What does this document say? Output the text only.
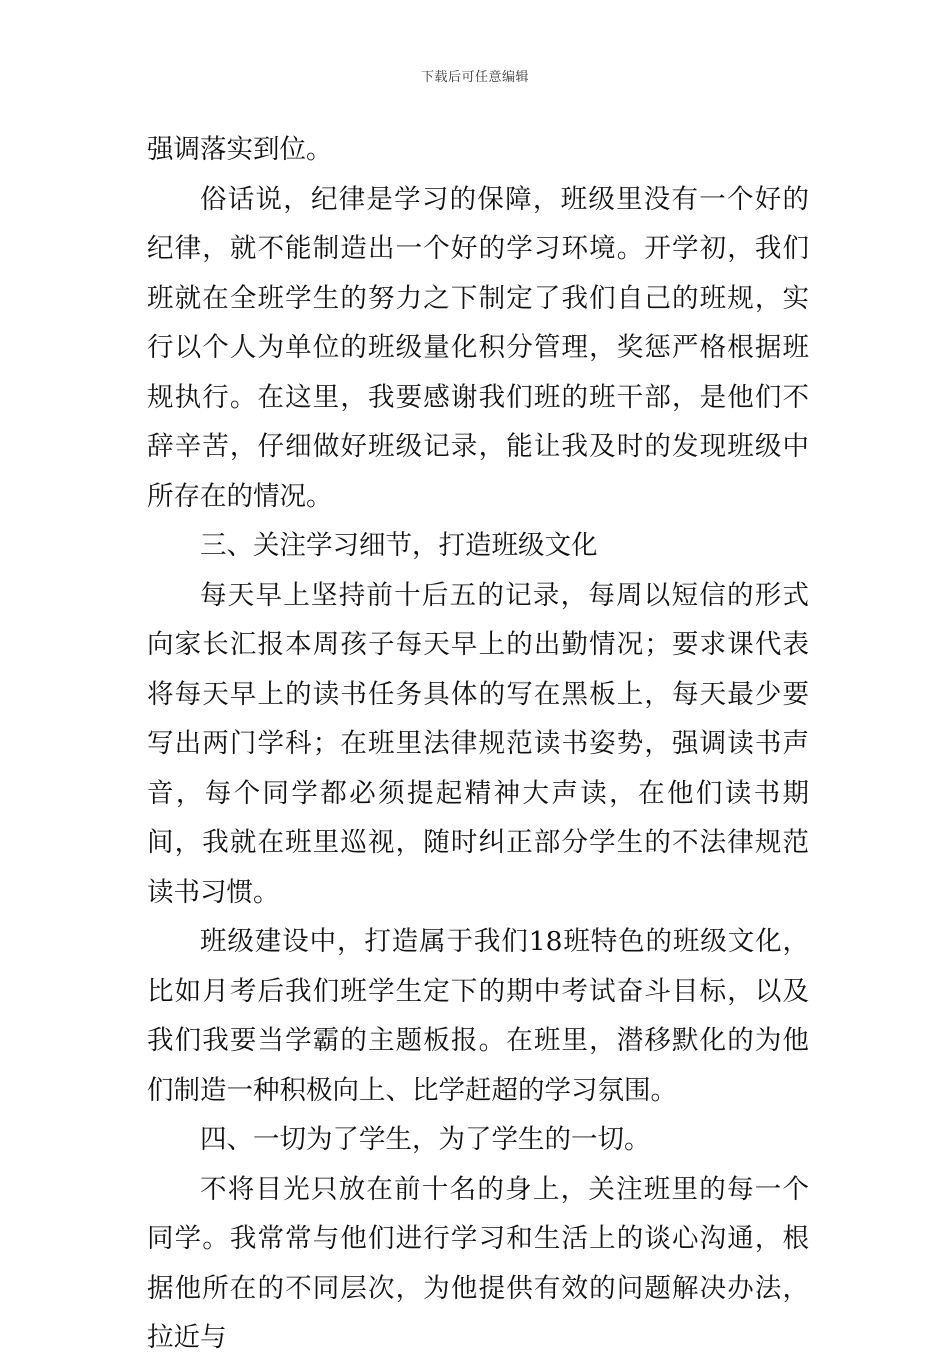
下载后可任意编辑

强调落实到位。

俗话说，纪律是学习的保障，班级里没有一个好的纪律，就不能制造出一个好的学习环境。开学初，我们班就在全班学生的努力之下制定了我们自己的班规，实行以个人为单位的班级量化积分管理，奖惩严格根据班规执行。在这里，我要感谢我们班的班干部，是他们不辞辛苦，仔细做好班级记录，能让我及时的发现班级中所存在的情况。

三、关注学习细节，打造班级文化

每天早上坚持前十后五的记录，每周以短信的形式向家长汇报本周孩子每天早上的出勤情况；要求课代表将每天早上的读书任务具体的写在黑板上，每天最少要写出两门学科；在班里法律规范读书姿势，强调读书声音，每个同学都必须提起精神大声读，在他们读书期间，我就在班里巡视，随时纠正部分学生的不法律规范读书习惯。

班级建设中，打造属于我们18班特色的班级文化，比如月考后我们班学生定下的期中考试奋斗目标，以及我们我要当学霸的主题板报。在班里，潜移默化的为他们制造一种积极向上、比学赶超的学习氛围。

四、一切为了学生，为了学生的一切。

不将目光只放在前十名的身上，关注班里的每一个同学。我常常与他们进行学习和生活上的谈心沟通，根据他所在的不同层次，为他提供有效的问题解决办法，拉近与
